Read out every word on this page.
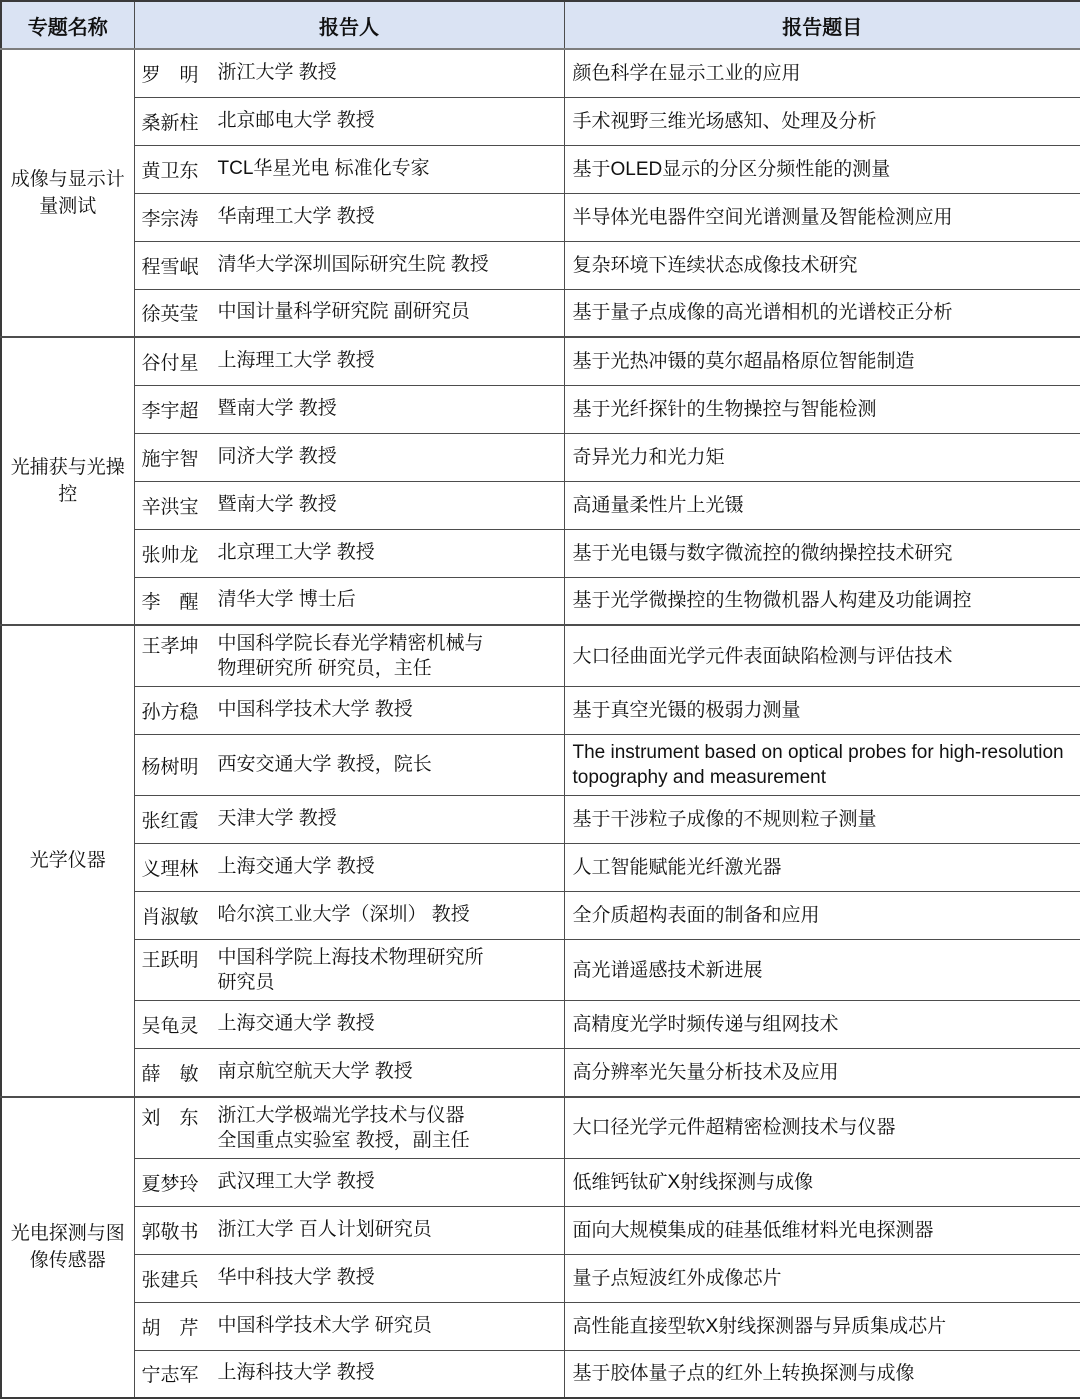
专题名称	报告人	报告题目
成像与显示计量测试	罗　明 浙江大学 教授	颜色科学在显示工业的应用

	桑新柱 北京邮电大学 教授	手术视野三维光场感知、处理及分析

	黄卫东 TCL华星光电 标准化专家	基于OLED显示的分区分频性能的测量

	李宗涛 华南理工大学 教授	半导体光电器件空间光谱测量及智能检测应用

	程雪岷 清华大学深圳国际研究生院 教授	复杂环境下连续状态成像技术研究

	徐英莹 中国计量科学研究院 副研究员	基于量子点成像的高光谱相机的光谱校正分析
光捕获与光操控	谷付星 上海理工大学 教授	基于光热冲镊的莫尔超晶格原位智能制造

	李宇超 暨南大学 教授	基于光纤探针的生物操控与智能检测

	施宇智 同济大学 教授	奇异光力和光力矩

	辛洪宝 暨南大学 教授	高通量柔性片上光镊

	张帅龙 北京理工大学 教授	基于光电镊与数字微流控的微纳操控技术研究

	李　醒 清华大学 博士后	基于光学微操控的生物微机器人构建及功能调控
光学仪器	王孝坤 中国科学院长春光学精密机械与
物理研究所 研究员，主任	大口径曲面光学元件表面缺陷检测与评估技术

	孙方稳 中国科学技术大学 教授	基于真空光镊的极弱力测量

	杨树明 西安交通大学 教授，院长	The instrument based on optical probes for high-resolution topography and measurement

	张红霞 天津大学 教授	基于干涉粒子成像的不规则粒子测量

	义理林 上海交通大学 教授	人工智能赋能光纤激光器

	肖淑敏 哈尔滨工业大学（深圳） 教授	全介质超构表面的制备和应用

	王跃明 中国科学院上海技术物理研究所
研究员	高光谱遥感技术新进展

	吴龟灵 上海交通大学 教授	高精度光学时频传递与组网技术

	薛　敏 南京航空航天大学 教授	高分辨率光矢量分析技术及应用
光电探测与图像传感器	刘　东 浙江大学极端光学技术与仪器
全国重点实验室 教授，副主任	大口径光学元件超精密检测技术与仪器

	夏梦玲 武汉理工大学 教授	低维钙钛矿X射线探测与成像

	郭敬书 浙江大学 百人计划研究员	面向大规模集成的硅基低维材料光电探测器

	张建兵 华中科技大学 教授	量子点短波红外成像芯片

	胡　芹 中国科学技术大学 研究员	高性能直接型软X射线探测器与异质集成芯片

	宁志军 上海科技大学 教授	基于胶体量子点的红外上转换探测与成像
